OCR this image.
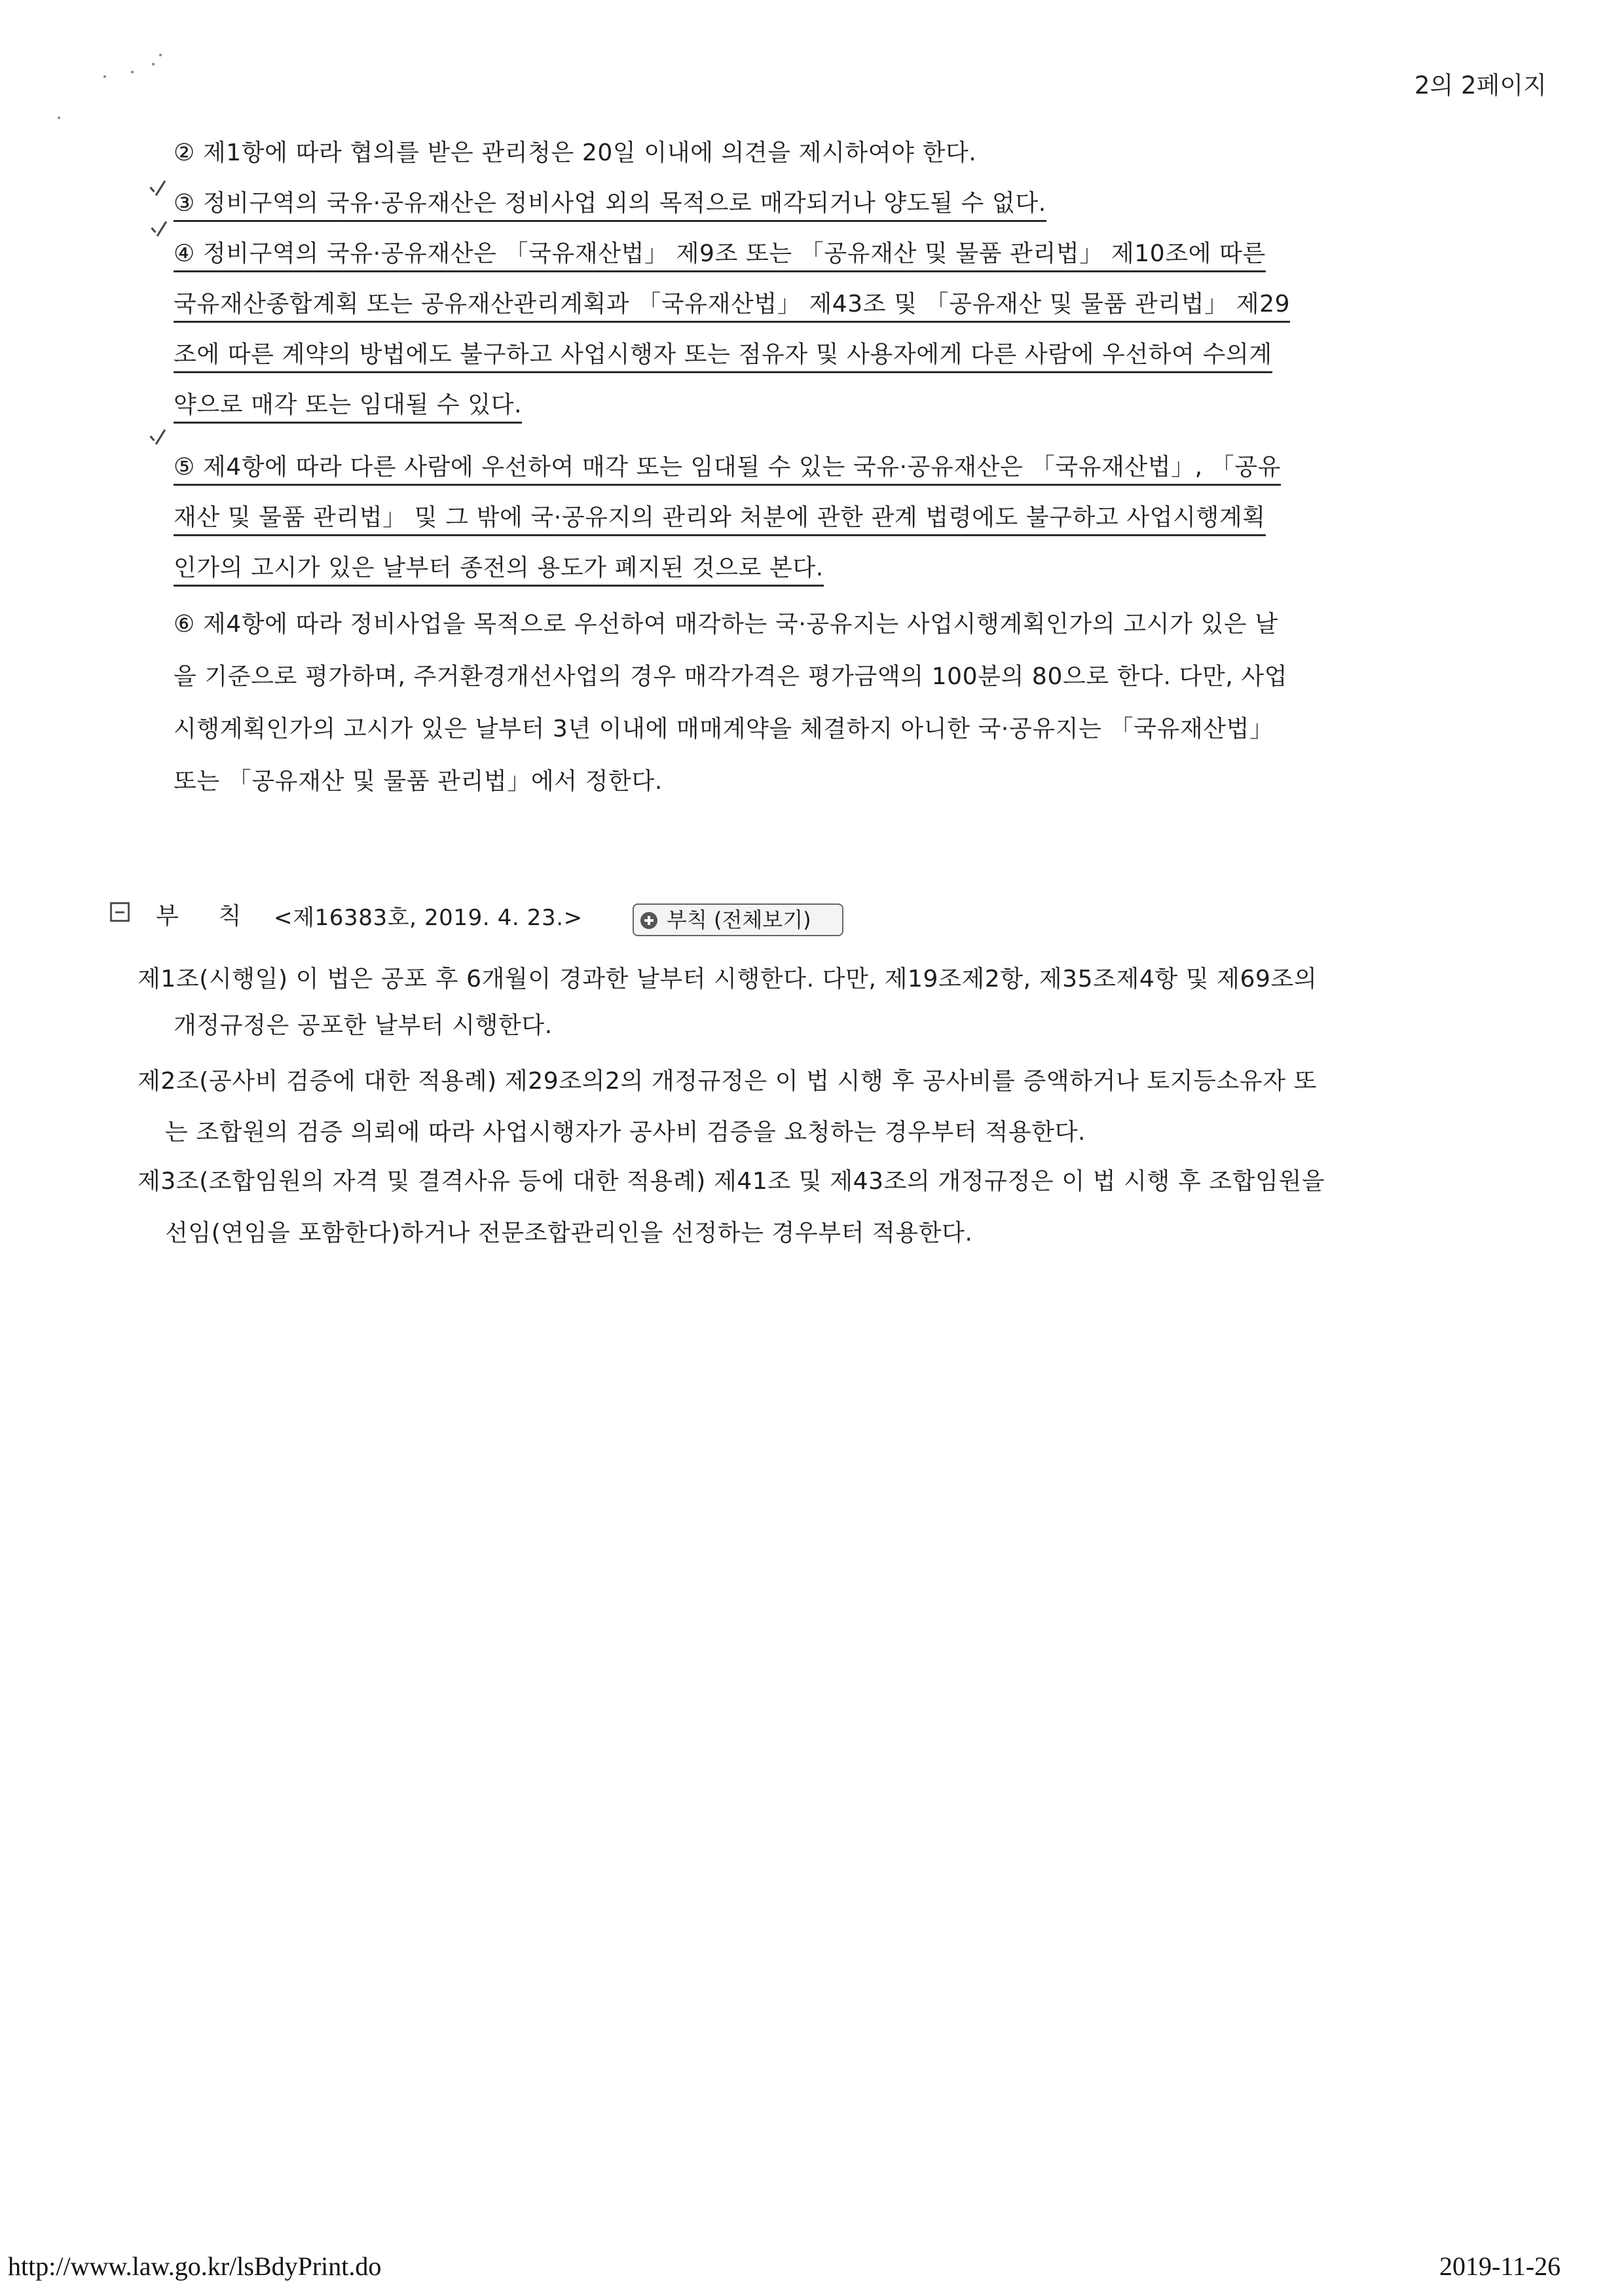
2의 2페이지
② 제1항에 따라 협의를 받은 관리청은 20일 이내에 의견을 제시하여야 한다.
③ 정비구역의 국유·공유재산은 정비사업 외의 목적으로 매각되거나 양도될 수 없다.
④ 정비구역의 국유·공유재산은 「국유재산법」 제9조 또는 「공유재산 및 물품 관리법」 제10조에 따른
국유재산종합계획 또는 공유재산관리계획과 「국유재산법」 제43조 및 「공유재산 및 물품 관리법」 제29
조에 따른 계약의 방법에도 불구하고 사업시행자 또는 점유자 및 사용자에게 다른 사람에 우선하여 수의계
약으로 매각 또는 임대될 수 있다.
⑤ 제4항에 따라 다른 사람에 우선하여 매각 또는 임대될 수 있는 국유·공유재산은 「국유재산법」, 「공유
재산 및 물품 관리법」 및 그 밖에 국·공유지의 관리와 처분에 관한 관계 법령에도 불구하고 사업시행계획
인가의 고시가 있은 날부터 종전의 용도가 폐지된 것으로 본다.
⑥ 제4항에 따라 정비사업을 목적으로 우선하여 매각하는 국·공유지는 사업시행계획인가의 고시가 있은 날
을 기준으로 평가하며, 주거환경개선사업의 경우 매각가격은 평가금액의 100분의 80으로 한다. 다만, 사업
시행계획인가의 고시가 있은 날부터 3년 이내에 매매계약을 체결하지 아니한 국·공유지는 「국유재산법」
또는 「공유재산 및 물품 관리법」에서 정한다.
부     칙 <제16383호, 2019. 4. 23.>	부칙 (전체보기)
제1조(시행일) 이 법은 공포 후 6개월이 경과한 날부터 시행한다. 다만, 제19조제2항, 제35조제4항 및 제69조의
개정규정은 공포한 날부터 시행한다.
제2조(공사비 검증에 대한 적용례) 제29조의2의 개정규정은 이 법 시행 후 공사비를 증액하거나 토지등소유자 또
는 조합원의 검증 의뢰에 따라 사업시행자가 공사비 검증을 요청하는 경우부터 적용한다.
제3조(조합임원의 자격 및 결격사유 등에 대한 적용례) 제41조 및 제43조의 개정규정은 이 법 시행 후 조합임원을
선임(연임을 포함한다)하거나 전문조합관리인을 선정하는 경우부터 적용한다.
http://www.law.go.kr/lsBdyPrint.do	2019-11-26
